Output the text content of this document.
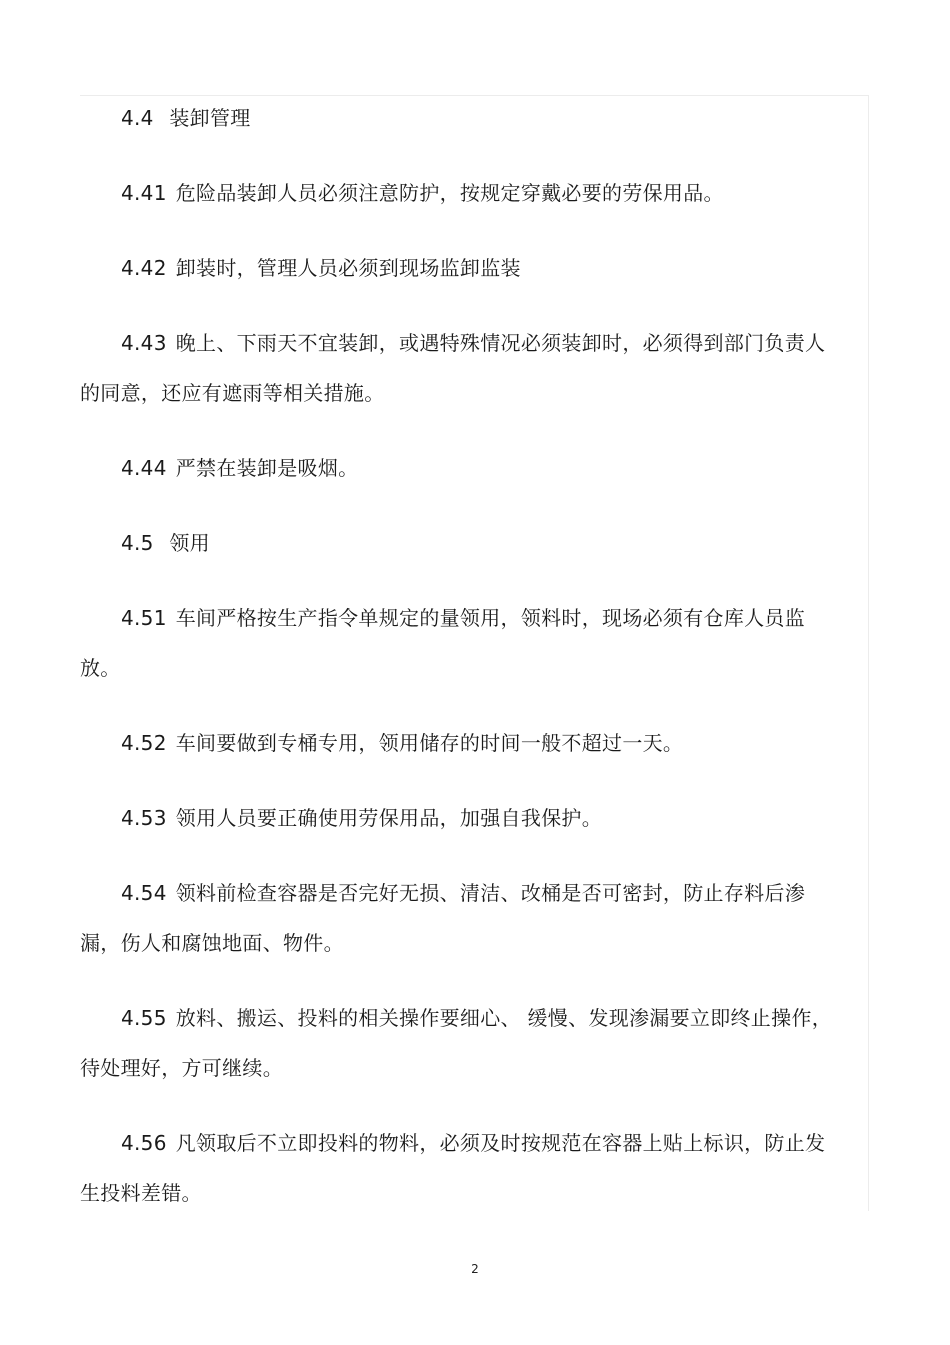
4.4 装卸管理

4.41 危险品装卸人员必须注意防护，按规定穿戴必要的劳保用品。

4.42 卸装时，管理人员必须到现场监卸监装

4.43 晚上、下雨天不宜装卸，或遇特殊情况必须装卸时，必须得到部门负责人的同意，还应有遮雨等相关措施。

4.44 严禁在装卸是吸烟。

4.5 领用

4.51 车间严格按生产指令单规定的量领用，领料时，现场必须有仓库人员监放。

4.52 车间要做到专桶专用，领用储存的时间一般不超过一天。

4.53 领用人员要正确使用劳保用品，加强自我保护。

4.54 领料前检查容器是否完好无损、清洁、改桶是否可密封，防止存料后渗漏，伤人和腐蚀地面、物件。

4.55 放料、搬运、投料的相关操作要细心、 缓慢、发现渗漏要立即终止操作，待处理好，方可继续。

4.56 凡领取后不立即投料的物料，必须及时按规范在容器上贴上标识，防止发生投料差错。

2
